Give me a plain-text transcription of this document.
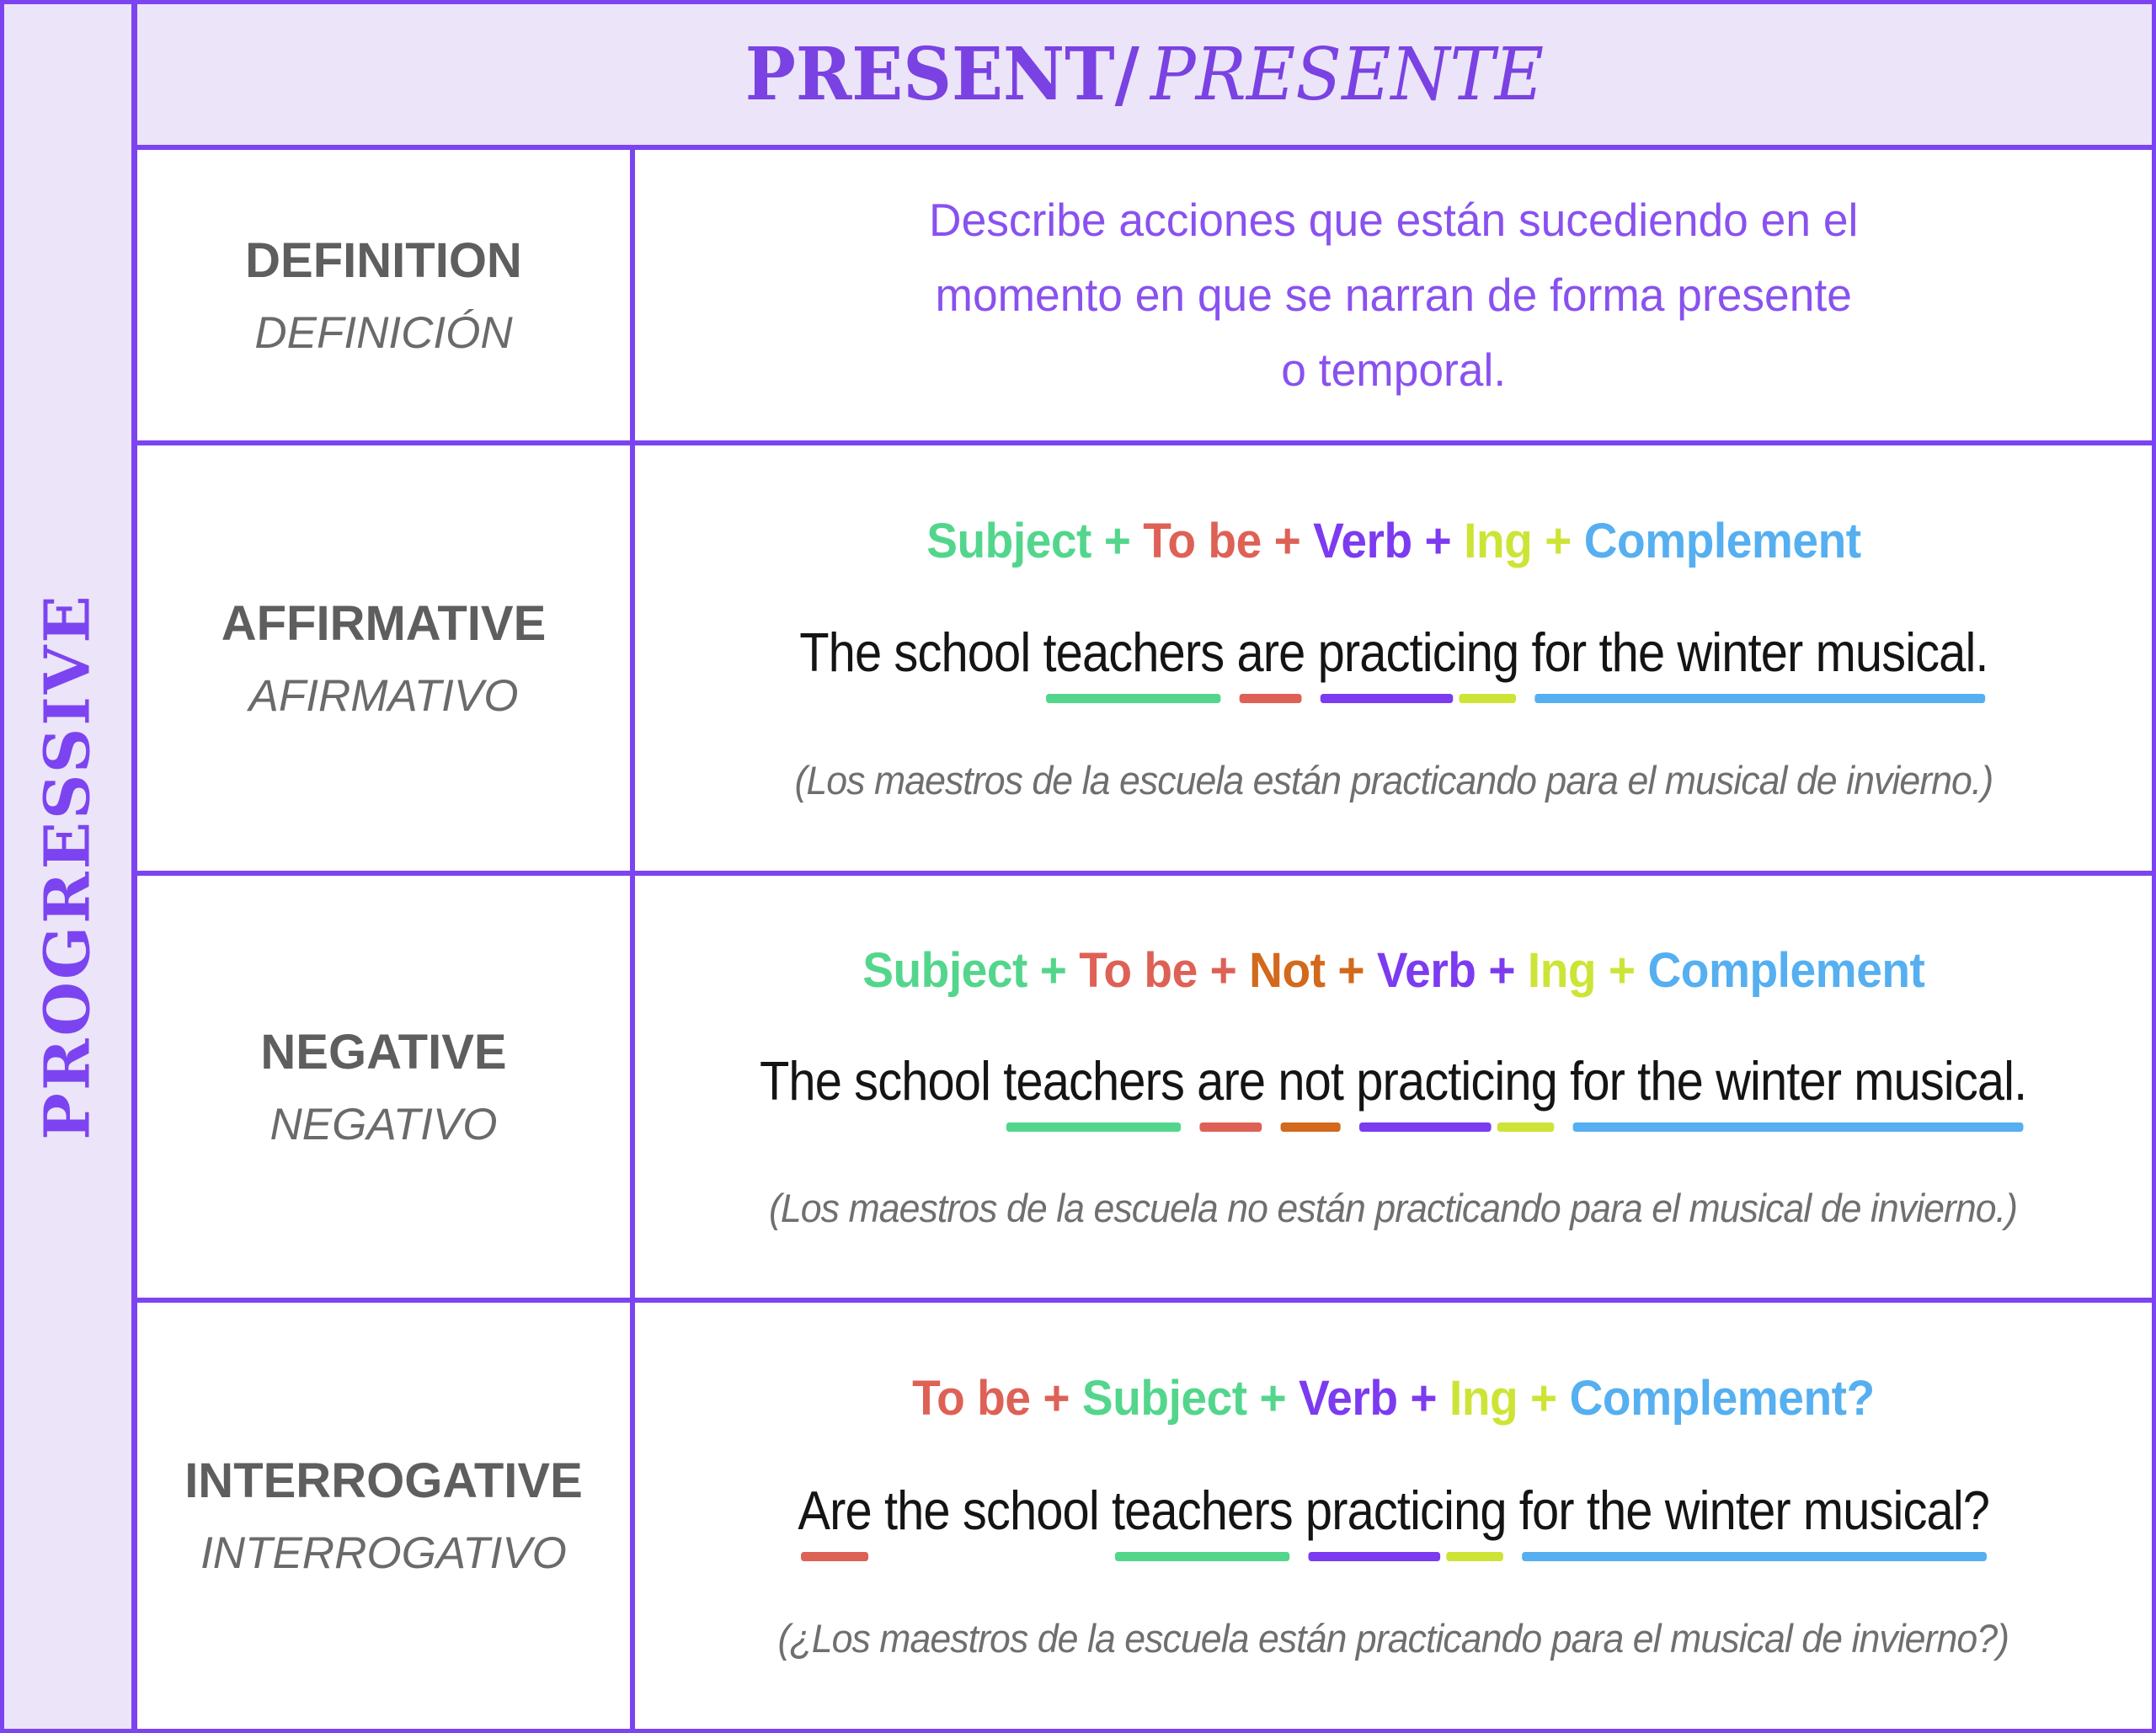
PROGRESSIVE
PRESENT/ PRESENTE
DEFINITION
DEFINICIÓN
Describe acciones que están sucediendo en el
momento en que se narran de forma presente
o temporal.
AFFIRMATIVE
AFIRMATIVO
Subject + To be + Verb + Ing + Complement

The school teachers are practicing for the winter musical.

(Los maestros de la escuela están practicando para el musical de invierno.)
NEGATIVE
NEGATIVO
Subject + To be + Not + Verb + Ing + Complement

The school teachers are not practicing for the winter musical.

(Los maestros de la escuela no están practicando para el musical de invierno.)
INTERROGATIVE
INTERROGATIVO
To be + Subject + Verb + Ing + Complement?

Are the school teachers practicing for the winter musical?

(¿Los maestros de la escuela están practicando para el musical de invierno?)
